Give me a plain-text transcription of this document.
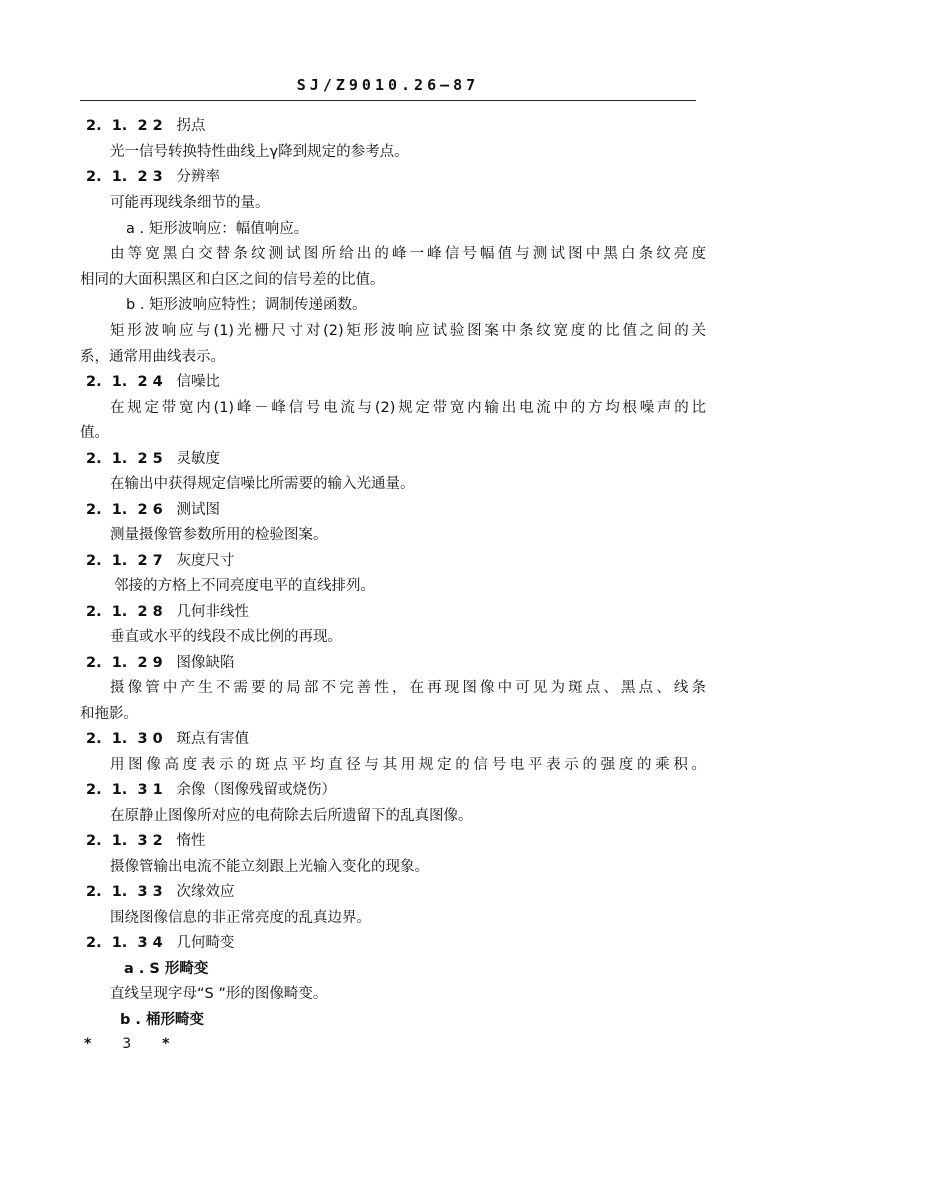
SJ/Z9010.26—87
2. 1. 2 2 拐点
光一信号转换特性曲线上γ降到规定的参考点。
2. 1. 2 3 分辨率
可能再现线条细节的量。
a . 矩形波响应：幅值响应。
由等宽黑白交替条纹测试图所给出的峰一峰信号幅值与测试图中黑白条纹亮度
相同的大面积黑区和白区之间的信号差的比值。
b . 矩形波响应特性；调制传递函数。
矩形波响应与(1)光栅尺寸对(2)矩形波响应试验图案中条纹宽度的比值之间的关
系，通常用曲线表示。
2. 1. 2 4 信噪比
在规定带宽内(1)峰－峰信号电流与(2)规定带宽内输出电流中的方均根噪声的比
值。
2. 1. 2 5 灵敏度
在输出中获得规定信噪比所需要的输入光通量。
2. 1. 2 6 测试图
测量摄像管参数所用的检验图案。
2. 1. 2 7 灰度尺寸
邻接的方格上不同亮度电平的直线排列。
2. 1. 2 8 几何非线性
垂直或水平的线段不成比例的再现。
2. 1. 2 9 图像缺陷
摄像管中产生不需要的局部不完善性，在再现图像中可见为斑点、黑点、线条
和拖影。
2. 1. 3 0 斑点有害值
用图像高度表示的斑点平均直径与其用规定的信号电平表示的强度的乘积。
2. 1. 3 1 余像（图像残留或烧伤）
在原静止图像所对应的电荷除去后所遗留下的乱真图像。
2. 1. 3 2 惰性
摄像管输出电流不能立刻跟上光输入变化的现象。
2. 1. 3 3 次缘效应
围绕图像信息的非正常亮度的乱真边界。
2. 1. 3 4 几何畸变
a . S 形畸变
直线呈现字母“S ”形的图像畸变。
b . 桶形畸变
* 3 *
